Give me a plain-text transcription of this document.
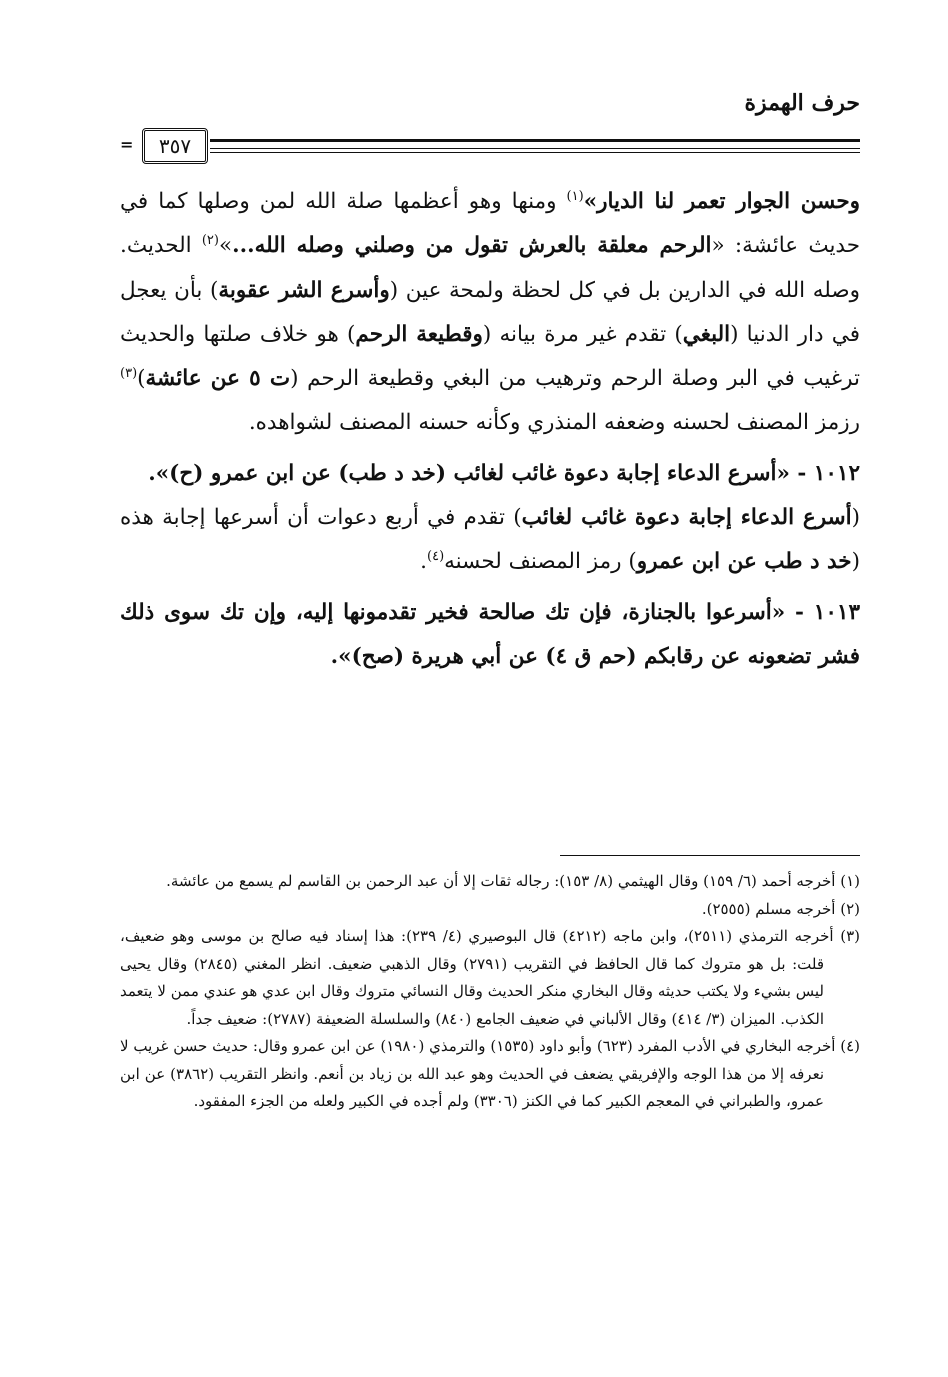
حرف الهمزة
=	٣٥٧

وحسن الجوار تعمر لنا الديار»$^{(١)}$ ومنها وهو أعظمها صلة الله لمن وصلها كما في حديث عائشة: «الرحم معلقة بالعرش تقول من وصلني وصله الله...»$^{(٢)}$ الحديث. وصله الله في الدارين بل في كل لحظة ولمحة عين (وأسرع الشر عقوبة) بأن يعجل في دار الدنيا (البغي) تقدم غير مرة بيانه (وقطيعة الرحم) هو خلاف صلتها والحديث ترغيب في البر وصلة الرحم وترهيب من البغي وقطيعة الرحم (ت ٥ عن عائشة)$^{(٣)}$ رزمز المصنف لحسنه وضعفه المنذري وكأنه حسنه المصنف لشواهده.

١٠١٢ - «أسرع الدعاء إجابة دعوة غائب لغائب (خد د طب) عن ابن عمرو (ح)».

(أسرع الدعاء إجابة دعوة غائب لغائب) تقدم في أربع دعوات أن أسرعها إجابة هذه (خد د طب عن ابن عمرو) رمز المصنف لحسنه$^{(٤)}$.

١٠١٣ - «أسرعوا بالجنازة، فإن تك صالحة فخير تقدمونها إليه، وإن تك سوى ذلك فشر تضعونه عن رقابكم (حم ق ٤) عن أبي هريرة (صح)».

(١) أخرجه أحمد (٦/ ١٥٩) وقال الهيثمي (٨/ ١٥٣): رجاله ثقات إلا أن عبد الرحمن بن القاسم لم يسمع من عائشة.

(٢) أخرجه مسلم (٢٥٥٥).

(٣) أخرجه الترمذي (٢٥١١)، وابن ماجه (٤٢١٢) قال البوصيري (٤/ ٢٣٩): هذا إسناد فيه صالح بن موسى وهو ضعيف، قلت: بل هو متروك كما قال الحافظ في التقريب (٢٧٩١) وقال الذهبي ضعيف. انظر المغني (٢٨٤٥) وقال يحيى ليس بشيء ولا يكتب حديثه وقال البخاري منكر الحديث وقال النسائي متروك وقال ابن عدي هو عندي ممن لا يتعمد الكذب. الميزان (٣/ ٤١٤) وقال الألباني في ضعيف الجامع (٨٤٠) والسلسلة الضعيفة (٢٧٨٧): ضعيف جداً.

(٤) أخرجه البخاري في الأدب المفرد (٦٢٣) وأبو داود (١٥٣٥) والترمذي (١٩٨٠) عن ابن عمرو وقال: حديث حسن غريب لا نعرفه إلا من هذا الوجه والإفريقي يضعف في الحديث وهو عبد الله بن زياد بن أنعم. وانظر التقريب (٣٨٦٢) عن ابن عمرو، والطبراني في المعجم الكبير كما في الكنز (٣٣٠٦) ولم أجده في الكبير ولعله من الجزء المفقود.
